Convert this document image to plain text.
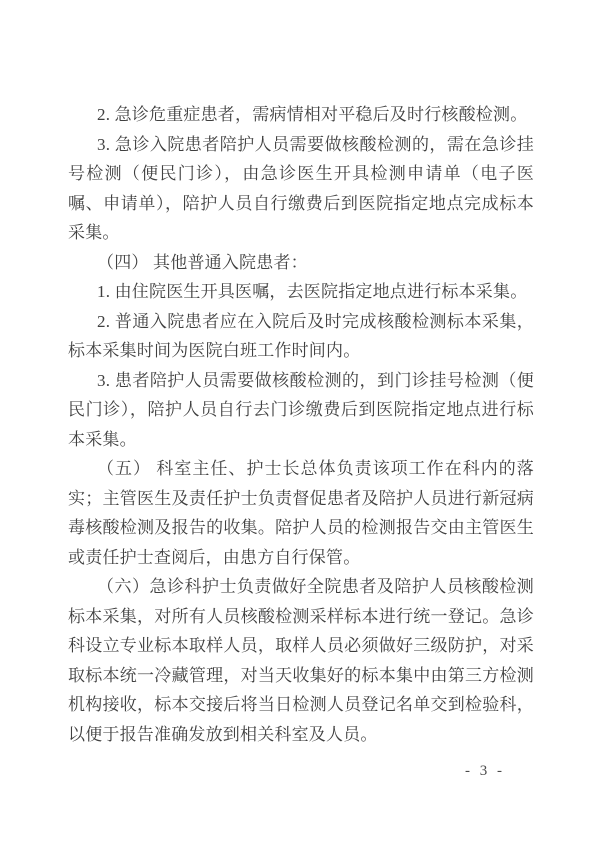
2. 急诊危重症患者，需病情相对平稳后及时行核酸检测。

3. 急诊入院患者陪护人员需要做核酸检测的，需在急诊挂号检测（便民门诊），由急诊医生开具检测申请单（电子医嘱、申请单），陪护人员自行缴费后到医院指定地点完成标本采集。

（四） 其他普通入院患者：

1. 由住院医生开具医嘱，去医院指定地点进行标本采集。

2. 普通入院患者应在入院后及时完成核酸检测标本采集，标本采集时间为医院白班工作时间内。

3. 患者陪护人员需要做核酸检测的，到门诊挂号检测（便民门诊），陪护人员自行去门诊缴费后到医院指定地点进行标本采集。

（五） 科室主任、护士长总体负责该项工作在科内的落实；主管医生及责任护士负责督促患者及陪护人员进行新冠病毒核酸检测及报告的收集。陪护人员的检测报告交由主管医生或责任护士查阅后，由患方自行保管。

（六）急诊科护士负责做好全院患者及陪护人员核酸检测标本采集，对所有人员核酸检测采样标本进行统一登记。急诊科设立专业标本取样人员，取样人员必须做好三级防护，对采取标本统一冷藏管理，对当天收集好的标本集中由第三方检测机构接收，标本交接后将当日检测人员登记名单交到检验科，以便于报告准确发放到相关科室及人员。

- 3 -
